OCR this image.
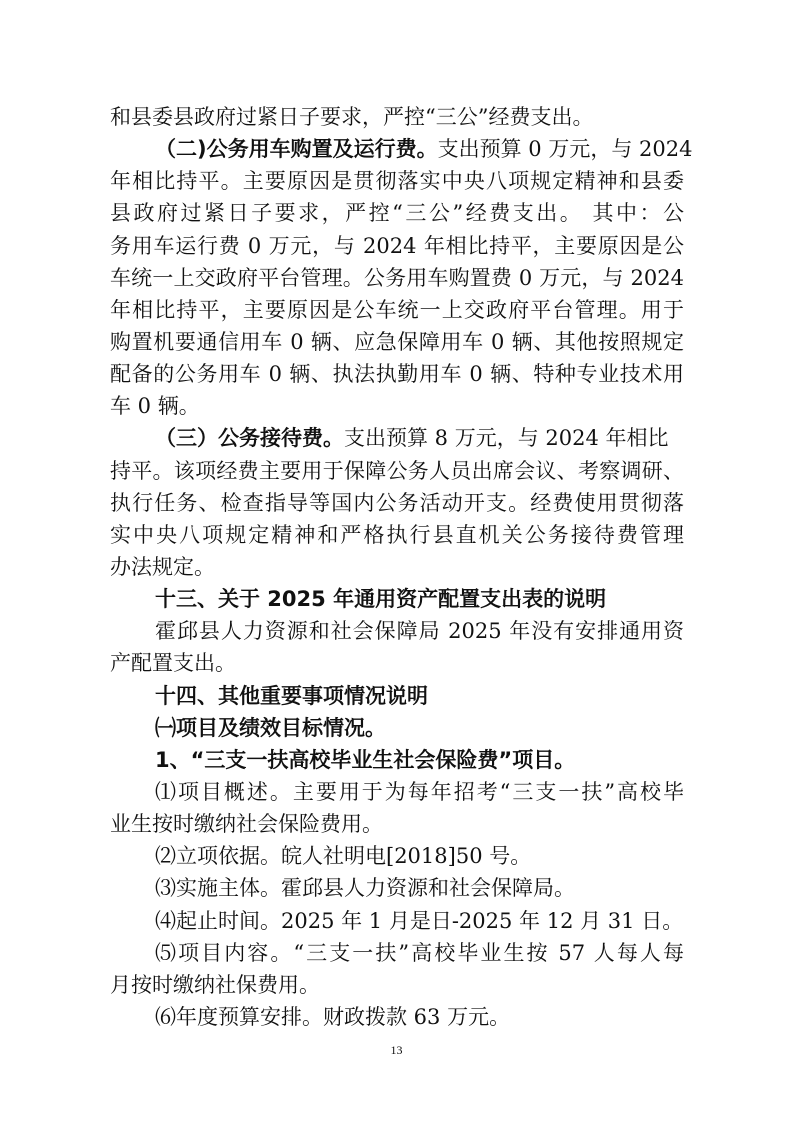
和县委县政府过紧日子要求，严控“三公”经费支出。
（二)公务用车购置及运行费。支出预算 0 万元，与 2024
年相比持平。主要原因是贯彻落实中央八项规定精神和县委
县政府过紧日子要求，严控“三公”经费支出。 其中：公
务用车运行费 0 万元，与 2024 年相比持平，主要原因是公
车统一上交政府平台管理。公务用车购置费 0 万元，与 2024
年相比持平，主要原因是公车统一上交政府平台管理。用于
购置机要通信用车 0 辆、应急保障用车 0 辆、其他按照规定
配备的公务用车 0 辆、执法执勤用车 0 辆、特种专业技术用
车 0 辆。
（三）公务接待费。支出预算 8 万元，与 2024 年相比
持平。该项经费主要用于保障公务人员出席会议、考察调研、
执行任务、检查指导等国内公务活动开支。经费使用贯彻落
实中央八项规定精神和严格执行县直机关公务接待费管理
办法规定。
十三、关于 2025 年通用资产配置支出表的说明
霍邱县人力资源和社会保障局 2025 年没有安排通用资
产配置支出。
十四、其他重要事项情况说明
㈠项目及绩效目标情况。
1、“三支一扶高校毕业生社会保险费”项目。
⑴项目概述。主要用于为每年招考“三支一扶”高校毕
业生按时缴纳社会保险费用。
⑵立项依据。皖人社明电[2018]50 号。
⑶实施主体。霍邱县人力资源和社会保障局。
⑷起止时间。2025 年 1 月是日-2025 年 12 月 31 日。
⑸项目内容。“三支一扶”高校毕业生按 57 人每人每
月按时缴纳社保费用。
⑹年度预算安排。财政拨款 63 万元。
13
